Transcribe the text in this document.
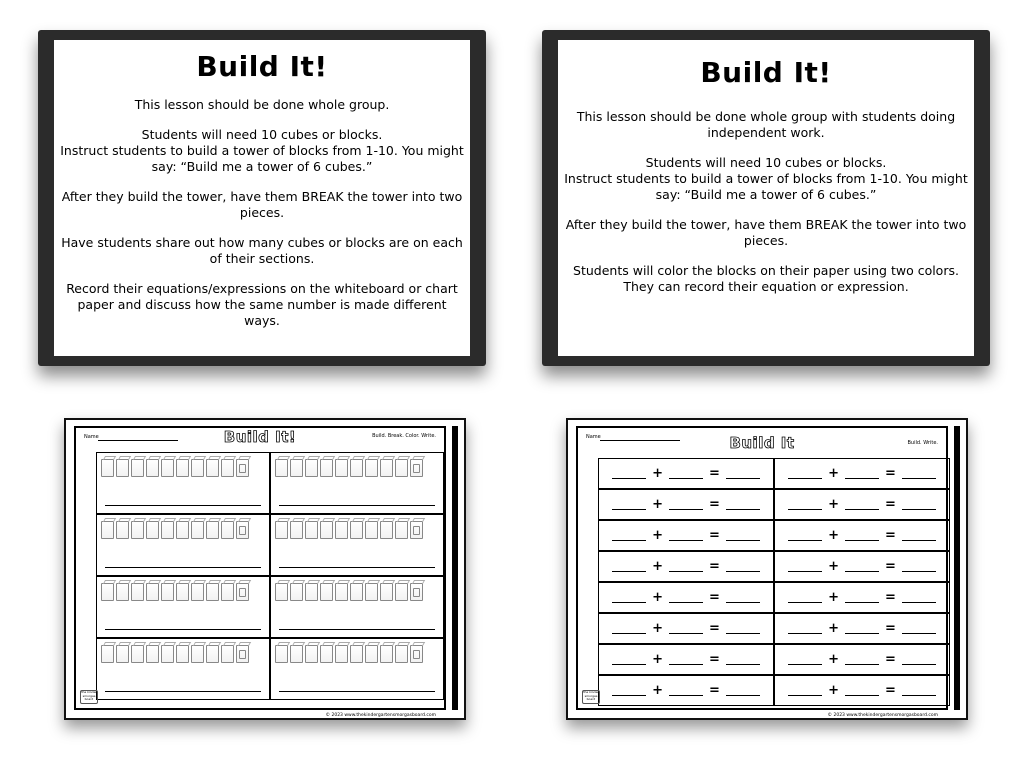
Build It!

This lesson should be done whole group.

Students will need 10 cubes or blocks.
Instruct students to build a tower of blocks from 1-10. You might say: “Build me a tower of 6 cubes.”

After they build the tower, have them BREAK the tower into two pieces.

Have students share out how many cubes or blocks are on each of their sections.

Record their equations/expressions on the whiteboard or chart paper and discuss how the same number is made different ways.

Build It!

This lesson should be done whole group with students doing independent work.

Students will need 10 cubes or blocks.
Instruct students to build a tower of blocks from 1-10. You might say: “Build me a tower of 6 cubes.”

After they build the tower, have them BREAK the tower into two pieces.

Students will color the blocks on their paper using two colors.
They can record their equation or expression.

Name	Build It!	Build. Break. Color. Write.
the kinder smorgas board
© 2023 www.thekindergartensmorgasboard.com
Name	Build It	Build. Write.
+	=	+	=
+	=	+	=
+	=	+	=
+	=	+	=
+	=	+	=
+	=	+	=
+	=	+	=
+	=	+	=
the kinder smorgas board
© 2023 www.thekindergartensmorgasboard.com
